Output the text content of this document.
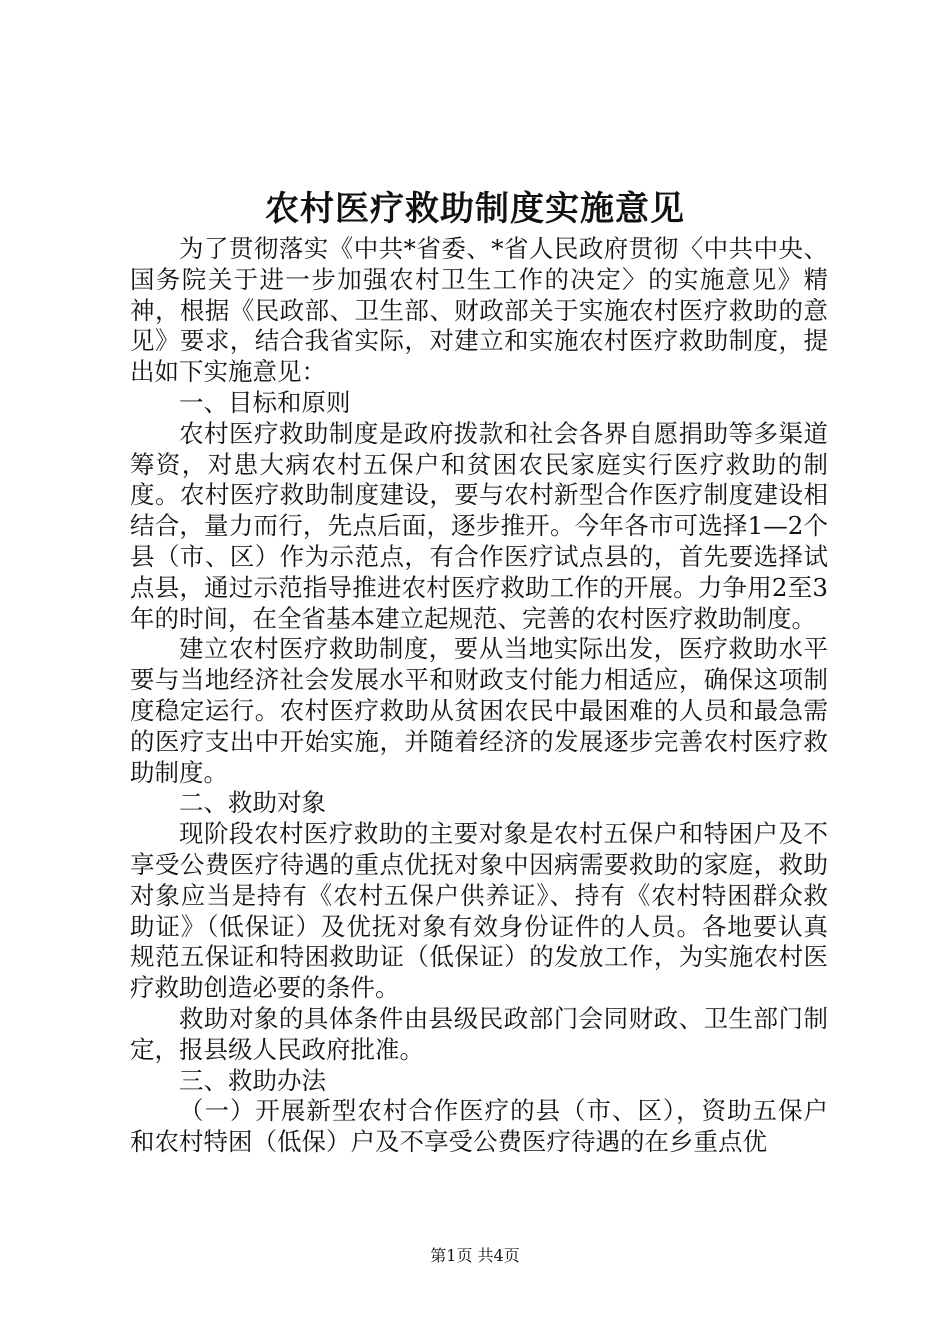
农村医疗救助制度实施意见

为了贯彻落实《中共*省委、*省人民政府贯彻〈中共中央、国务院关于进一步加强农村卫生工作的决定〉的实施意见》精神，根据《民政部、卫生部、财政部关于实施农村医疗救助的意见》要求，结合我省实际，对建立和实施农村医疗救助制度，提出如下实施意见：

一、目标和原则

农村医疗救助制度是政府拨款和社会各界自愿捐助等多渠道筹资，对患大病农村五保户和贫困农民家庭实行医疗救助的制度。农村医疗救助制度建设，要与农村新型合作医疗制度建设相结合，量力而行，先点后面，逐步推开。今年各市可选择1—2个县（市、区）作为示范点，有合作医疗试点县的，首先要选择试点县，通过示范指导推进农村医疗救助工作的开展。力争用2至3年的时间，在全省基本建立起规范、完善的农村医疗救助制度。

建立农村医疗救助制度，要从当地实际出发，医疗救助水平要与当地经济社会发展水平和财政支付能力相适应，确保这项制度稳定运行。农村医疗救助从贫困农民中最困难的人员和最急需的医疗支出中开始实施，并随着经济的发展逐步完善农村医疗救助制度。

二、救助对象

现阶段农村医疗救助的主要对象是农村五保户和特困户及不享受公费医疗待遇的重点优抚对象中因病需要救助的家庭，救助对象应当是持有《农村五保户供养证》、持有《农村特困群众救助证》（低保证）及优抚对象有效身份证件的人员。各地要认真规范五保证和特困救助证（低保证）的发放工作，为实施农村医疗救助创造必要的条件。

救助对象的具体条件由县级民政部门会同财政、卫生部门制定，报县级人民政府批准。

三、救助办法

（一）开展新型农村合作医疗的县（市、区），资助五保户和农村特困（低保）户及不享受公费医疗待遇的在乡重点优

第1页 共4页
